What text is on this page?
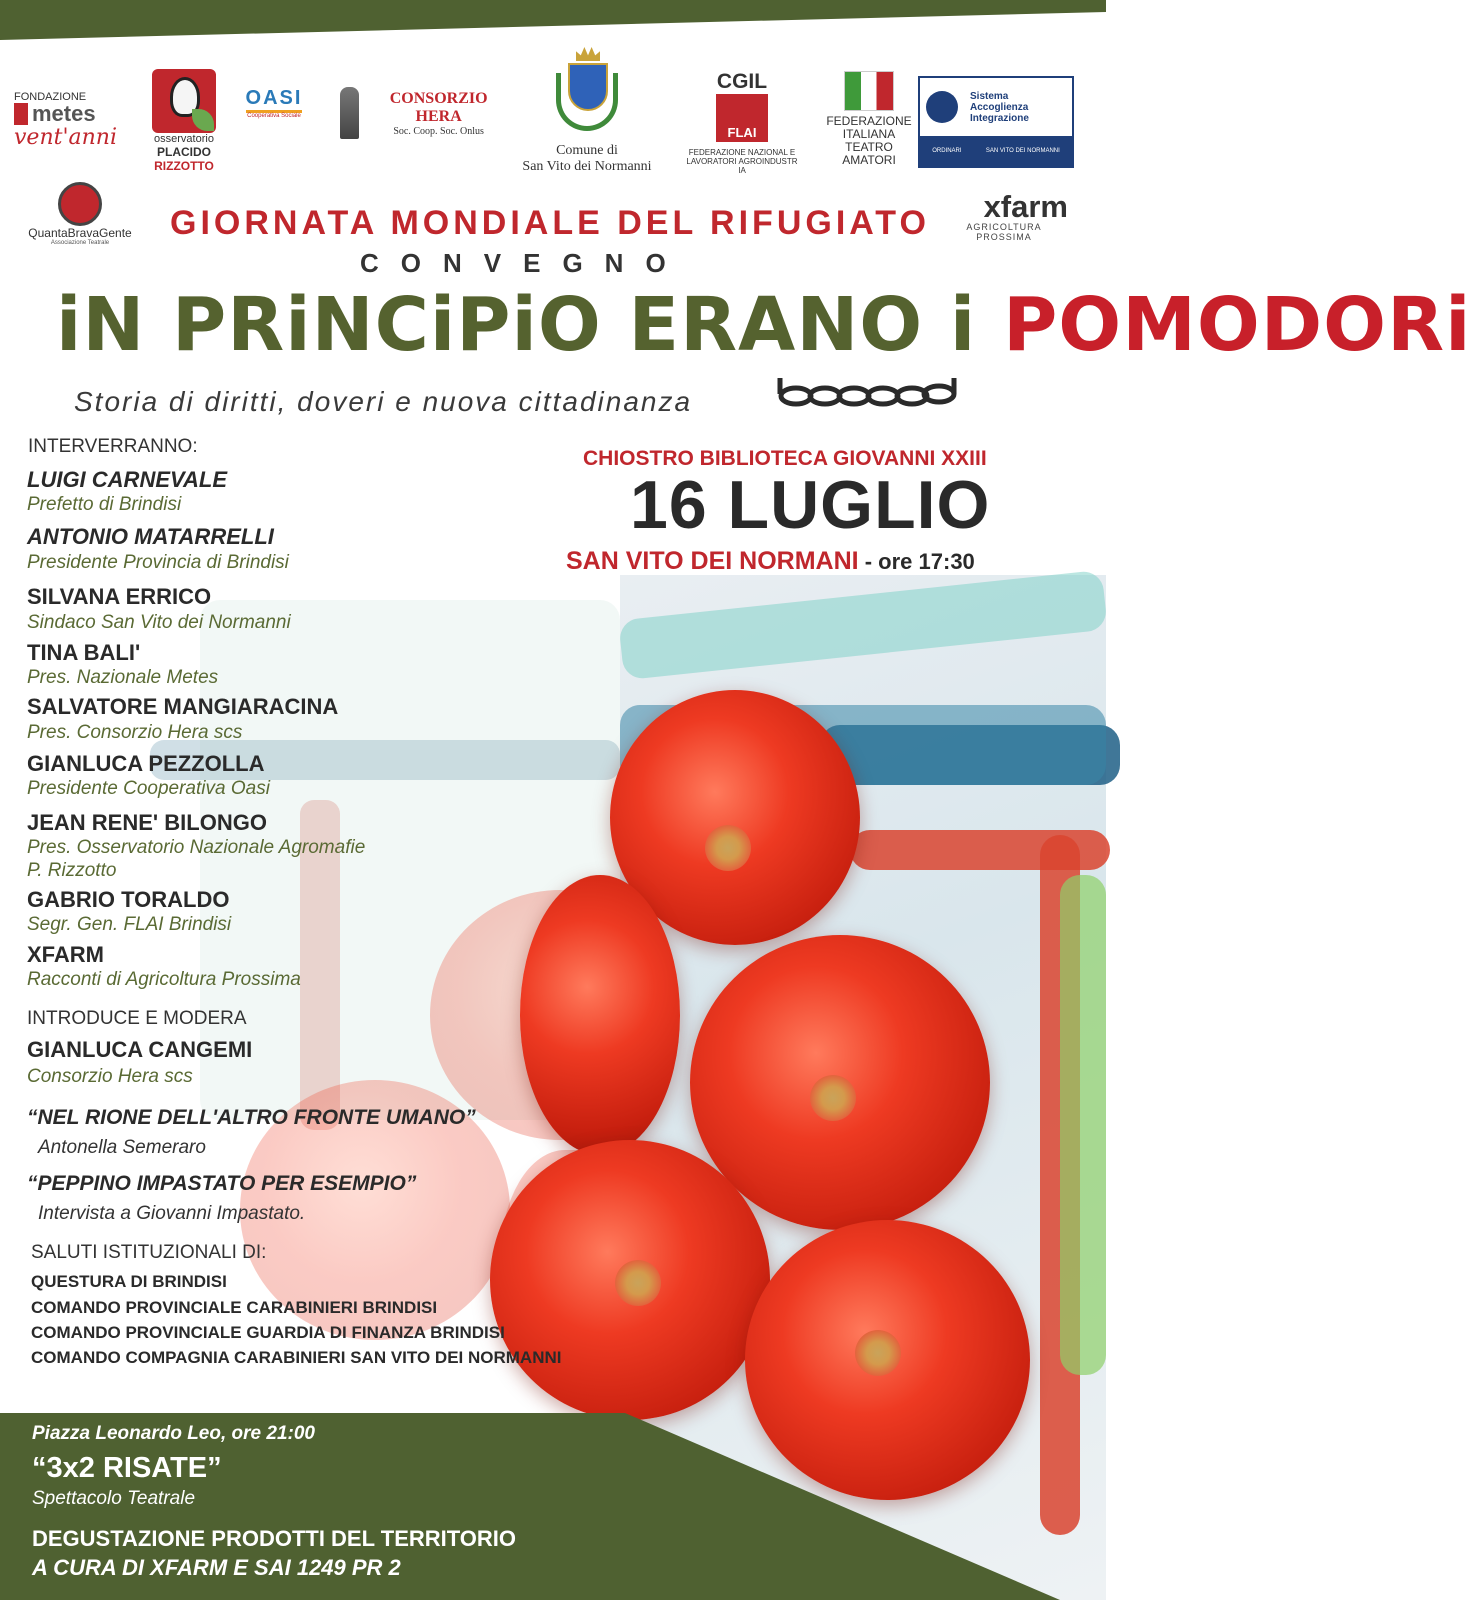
FONDAZIONE
metes
vent'anni	osservatorio
PLACIDO
RIZZOTTO
OASI
Cooperativa Sociale
CONSORZIO HERA
Soc. Coop. Soc. Onlus
Comune di
San Vito dei Normanni
CGIL
FLAI
FEDERAZIONE NAZIONAL E
LAVORATORI AGROINDUSTR IA
FEDERAZIONE
ITALIANA
TEATRO
AMATORI
Sistema
Accoglienza
Integrazione
ORDINARI	SAN VITO DEI NORMANNI
QuantaBravaGente
Associazione Teatrale
xfarm
AGRICOLTURA PROSSIMA
GIORNATA MONDIALE DEL RIFUGIATO
CONVEGNO
iN PRiNCiPiO ERANO i POMODORi
Storia di diritti, doveri e nuova cittadinanza
CHIOSTRO BIBLIOTECA GIOVANNI XXIII
16 LUGLIO
SAN VITO DEI NORMANI - ore 17:30
INTERVERRANNO:
LUIGI CARNEVALE
Prefetto di Brindisi
ANTONIO MATARRELLI
Presidente Provincia di Brindisi
SILVANA ERRICO
Sindaco San Vito dei Normanni
TINA BALI'
Pres. Nazionale Metes
SALVATORE MANGIARACINA
Pres. Consorzio Hera scs
GIANLUCA PEZZOLLA
Presidente Cooperativa Oasi
JEAN RENE' BILONGO
Pres. Osservatorio Nazionale Agromafie
P. Rizzotto
GABRIO TORALDO
Segr. Gen. FLAI Brindisi
XFARM
Racconti di Agricoltura Prossima
INTRODUCE E MODERA
GIANLUCA CANGEMI
Consorzio Hera scs
“NEL RIONE DELL'ALTRO FRONTE UMANO”
Antonella Semeraro
“PEPPINO IMPASTATO PER ESEMPIO”
Intervista a Giovanni Impastato.
SALUTI ISTITUZIONALI DI:
QUESTURA DI BRINDISI
COMANDO PROVINCIALE CARABINIERI BRINDISI
COMANDO PROVINCIALE GUARDIA DI FINANZA BRINDISI
COMANDO COMPAGNIA CARABINIERI SAN VITO DEI NORMANNI
Piazza Leonardo Leo, ore 21:00
“3x2 RISATE”
Spettacolo Teatrale
DEGUSTAZIONE PRODOTTI DEL TERRITORIO
A CURA DI XFARM E SAI 1249 PR 2
